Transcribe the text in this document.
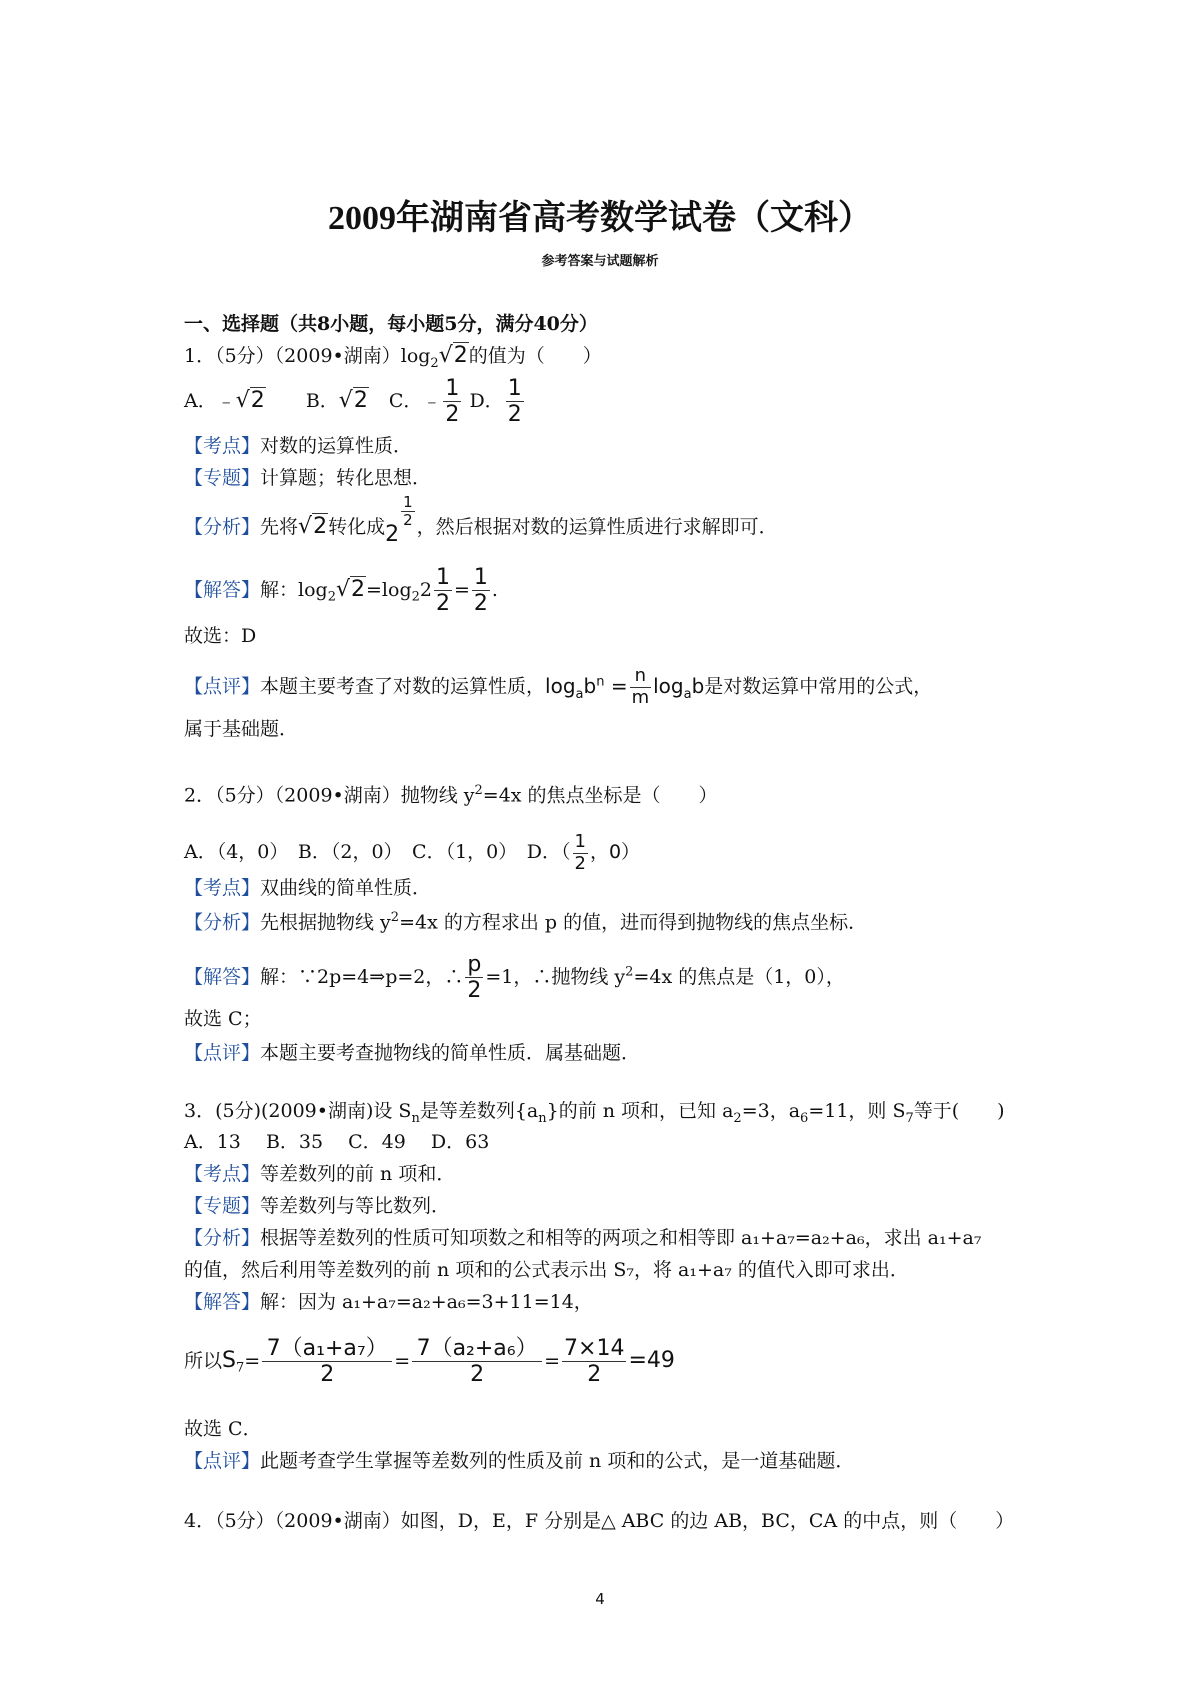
2009年湖南省高考数学试卷（文科）
参考答案与试题解析
一、选择题（共8小题，每小题5分，满分40分）
1．（5分）（2009•湖南）$\log_2√2$的值为（　　）
A．﹣√2 B．√2 C．﹣ $\frac{1}{2}$ D． $\frac{1}{2}$
【考点】对数的运算性质．
【专题】计算题；转化思想．
【分析】先将√2转化成2
$\frac{1}{2}$ ，然后根据对数的运算性质进行求解即可．
【解答】解：$\log_2√2=\log_22 \frac{1}{2} = \frac{1}{2}$ .
故选：D
【点评】本题主要考查了对数的运算性质，$\log_ab^n = \frac{n}{m} \log_ab$是对数运算中常用的公式，
属于基础题．
2．（5分）（2009•湖南）抛物线 $y^2=4x$ 的焦点坐标是（　　）
A．（4，0）　B．（2，0）　C．（1，0）　D．（ $\frac{1}{2}$ ，0）
【考点】双曲线的简单性质．
【分析】先根据抛物线 $y^2=4x$ 的方程求出 p 的值，进而得到抛物线的焦点坐标．
【解答】解：∵2p=4⇒p=2，∴ $\frac{p}{2} =1$，∴抛物线 $y^2=4x$ 的焦点是（1，0），
故选 C；
【点评】本题主要考查抛物线的简单性质．属基础题．
3．(5分)(2009•湖南)设 $S_n$是等差数列$\{a_n\}$的前 n 项和，已知 $a_2=3$，$a_6=11$，则 $S_7$等于(　　)
A．13　 B．35　 C．49　 D．63
【考点】等差数列的前 n 项和．
【专题】等差数列与等比数列．
【分析】根据等差数列的性质可知项数之和相等的两项之和相等即 a₁+a₇=a₂+a₆，求出 a₁+a₇
的值，然后利用等差数列的前 n 项和的公式表示出 S₇，将 a₁+a₇ 的值代入即可求出．
【解答】解：因为 a₁+a₇=a₂+a₆=3+11=14，
所以$S_7= \frac{\text{7（a₁+a₇）}}{2} = \frac{\text{7（a₂+a₆）}}{2} = \frac{7\times 14}{2} =49$
故选 C．
【点评】此题考查学生掌握等差数列的性质及前 n 项和的公式，是一道基础题．
4．（5分）（2009•湖南）如图，D，E，F 分别是△ ABC 的边 AB，BC，CA 的中点，则（　　）
4
